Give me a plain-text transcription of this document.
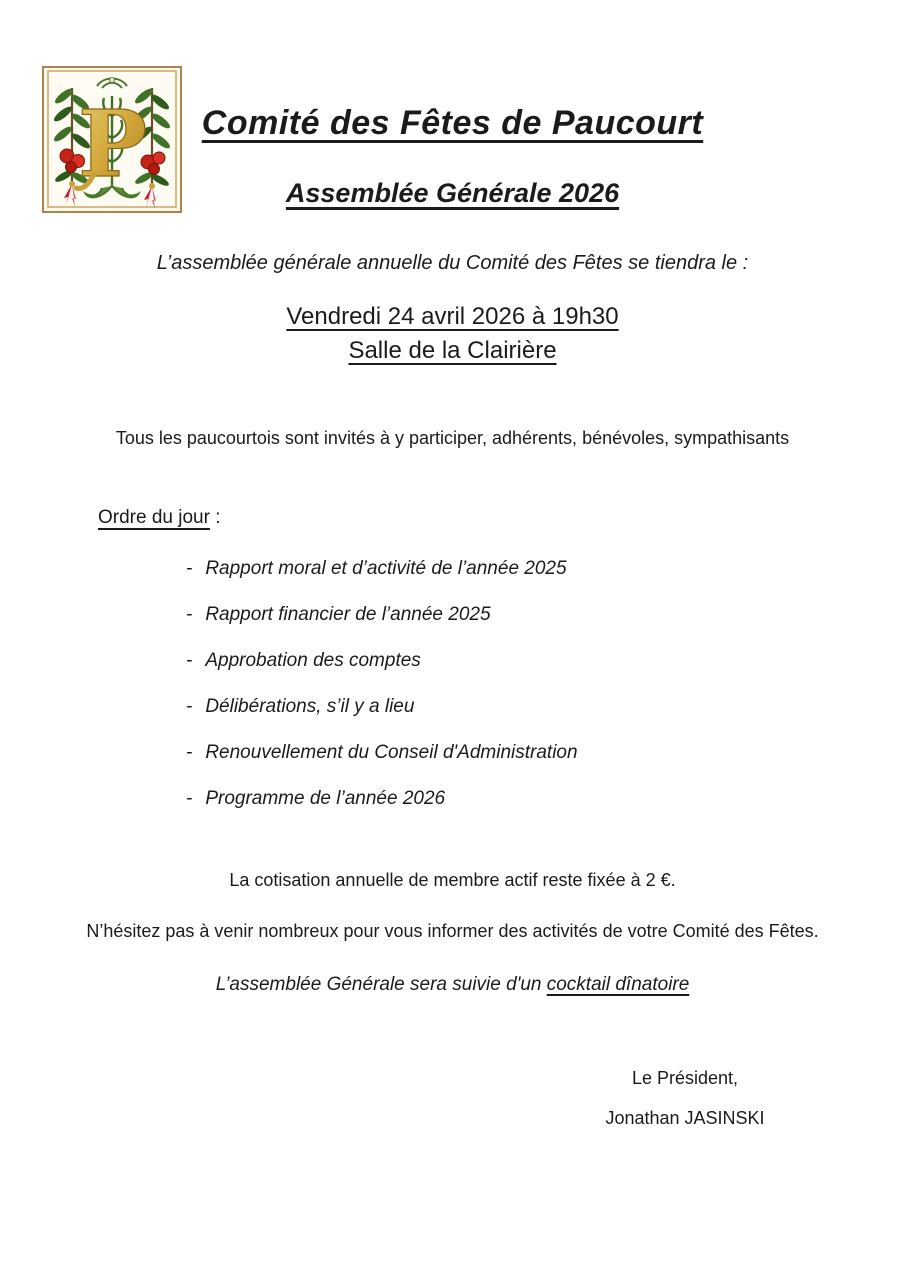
P	Comité des Fêtes de Paucourt
Assemblée Générale 2026
L’assemblée générale annuelle du Comité des Fêtes se tiendra le :
Vendredi 24 avril 2026 à 19h30
Salle de la Clairière
Tous les paucourtois sont invités à y participer, adhérents, bénévoles, sympathisants
Ordre du jour :
- Rapport moral et d’activité de l’année 2025
- Rapport financier de l’année 2025
- Approbation des comptes
- Délibérations, s’il y a lieu
- Renouvellement du Conseil d'Administration
- Programme de l’année 2026
La cotisation annuelle de membre actif reste fixée à 2 €.
N’hésitez pas à venir nombreux pour vous informer des activités de votre Comité des Fêtes.
L’assemblée Générale sera suivie d'un cocktail dînatoire
Le Président,
Jonathan JASINSKI
